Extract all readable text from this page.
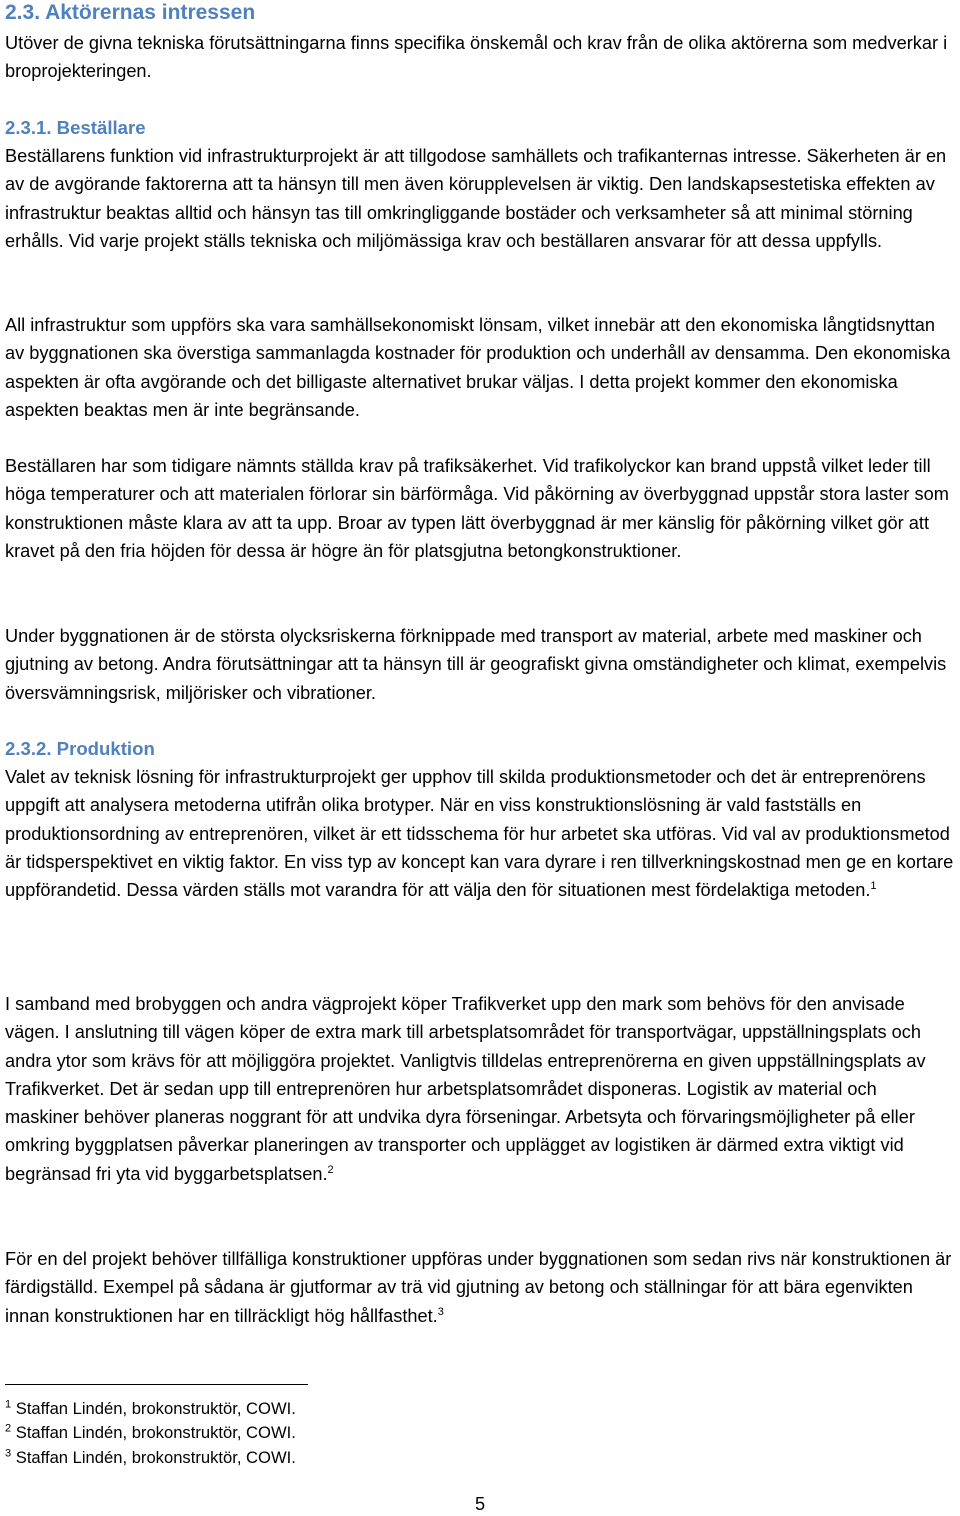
2.3. Aktörernas intressen

Utöver de givna tekniska förutsättningarna finns specifika önskemål och krav från de olika aktörerna som medverkar i broprojekteringen.

2.3.1. Beställare

Beställarens funktion vid infrastrukturprojekt är att tillgodose samhällets och trafikanternas intresse. Säkerheten är en av de avgörande faktorerna att ta hänsyn till men även körupplevelsen är viktig. Den landskapsestetiska effekten av infrastruktur beaktas alltid och hänsyn tas till omkringliggande bostäder och verksamheter så att minimal störning erhålls. Vid varje projekt ställs tekniska och miljömässiga krav och beställaren ansvarar för att dessa uppfylls.

All infrastruktur som uppförs ska vara samhällsekonomiskt lönsam, vilket innebär att den ekonomiska långtidsnyttan av byggnationen ska överstiga sammanlagda kostnader för produktion och underhåll av densamma. Den ekonomiska aspekten är ofta avgörande och det billigaste alternativet brukar väljas. I detta projekt kommer den ekonomiska aspekten beaktas men är inte begränsande.

Beställaren har som tidigare nämnts ställda krav på trafiksäkerhet. Vid trafikolyckor kan brand uppstå vilket leder till höga temperaturer och att materialen förlorar sin bärförmåga. Vid påkörning av överbyggnad uppstår stora laster som konstruktionen måste klara av att ta upp. Broar av typen lätt överbyggnad är mer känslig för påkörning vilket gör att kravet på den fria höjden för dessa är högre än för platsgjutna betongkonstruktioner.

Under byggnationen är de största olycksriskerna förknippade med transport av material, arbete med maskiner och gjutning av betong. Andra förutsättningar att ta hänsyn till är geografiskt givna omständigheter och klimat, exempelvis översvämningsrisk, miljörisker och vibrationer.

2.3.2. Produktion

Valet av teknisk lösning för infrastrukturprojekt ger upphov till skilda produktionsmetoder och det är entreprenörens uppgift att analysera metoderna utifrån olika brotyper. När en viss konstruktionslösning är vald fastställs en produktionsordning av entreprenören, vilket är ett tidsschema för hur arbetet ska utföras. Vid val av produktionsmetod är tidsperspektivet en viktig faktor. En viss typ av koncept kan vara dyrare i ren tillverkningskostnad men ge en kortare uppförandetid. Dessa värden ställs mot varandra för att välja den för situationen mest fördelaktiga metoden.$^1$

I samband med brobyggen och andra vägprojekt köper Trafikverket upp den mark som behövs för den anvisade vägen. I anslutning till vägen köper de extra mark till arbetsplatsområdet för transportvägar, uppställningsplats och andra ytor som krävs för att möjliggöra projektet. Vanligtvis tilldelas entreprenörerna en given uppställningsplats av Trafikverket. Det är sedan upp till entreprenören hur arbetsplatsområdet disponeras. Logistik av material och maskiner behöver planeras noggrant för att undvika dyra förseningar. Arbetsyta och förvaringsmöjligheter på eller omkring byggplatsen påverkar planeringen av transporter och upplägget av logistiken är därmed extra viktigt vid begränsad fri yta vid byggarbetsplatsen.$^2$

För en del projekt behöver tillfälliga konstruktioner uppföras under byggnationen som sedan rivs när konstruktionen är färdigställd. Exempel på sådana är gjutformar av trä vid gjutning av betong och ställningar för att bära egenvikten innan konstruktionen har en tillräckligt hög hållfasthet.$^3$

$^1$ Staffan Lindén, brokonstruktör, COWI.

$^2$ Staffan Lindén, brokonstruktör, COWI.

$^3$ Staffan Lindén, brokonstruktör, COWI.

5
